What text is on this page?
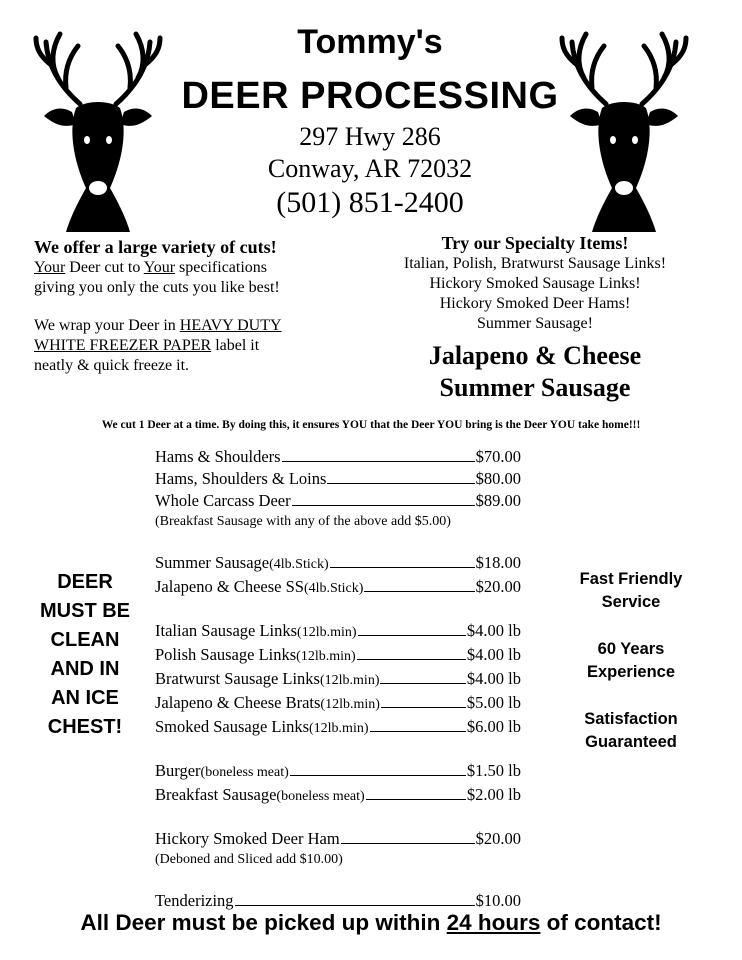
Tommy's
DEER PROCESSING
297 Hwy 286
Conway, AR 72032
(501) 851-2400
We offer a large variety of cuts!
Your Deer cut to Your specifications
giving you only the cuts you like best!
We wrap your Deer in HEAVY DUTY
WHITE FREEZER PAPER label it
neatly & quick freeze it.
Try our Specialty Items!
Italian, Polish, Bratwurst Sausage Links!
Hickory Smoked Sausage Links!
Hickory Smoked Deer Hams!
Summer Sausage!
Jalapeno & Cheese
Summer Sausage
We cut 1 Deer at a time. By doing this, it ensures YOU that the Deer YOU bring is the Deer YOU take home!!!
Hams & Shoulders	$70.00
Hams, Shoulders & Loins	$80.00
Whole Carcass Deer	$89.00
(Breakfast Sausage with any of the above add $5.00)
Summer Sausage (4lb.Stick)	$18.00
Jalapeno & Cheese SS (4lb.Stick)	$20.00
Italian Sausage Links (12lb.min)	$4.00 lb
Polish Sausage Links (12lb.min)	$4.00 lb
Bratwurst Sausage Links (12lb.min)	$4.00 lb
Jalapeno & Cheese Brats (12lb.min)	$5.00 lb
Smoked Sausage Links (12lb.min)	$6.00 lb
Burger (boneless meat)	$1.50 lb
Breakfast Sausage (boneless meat)	$2.00 lb
Hickory Smoked Deer Ham	$20.00
(Deboned and Sliced add $10.00)
Tenderizing	$10.00
DEER
MUST BE
CLEAN
AND IN
AN ICE
CHEST!
Fast Friendly
Service
60 Years
Experience
Satisfaction
Guaranteed
All Deer must be picked up within 24 hours of contact!
